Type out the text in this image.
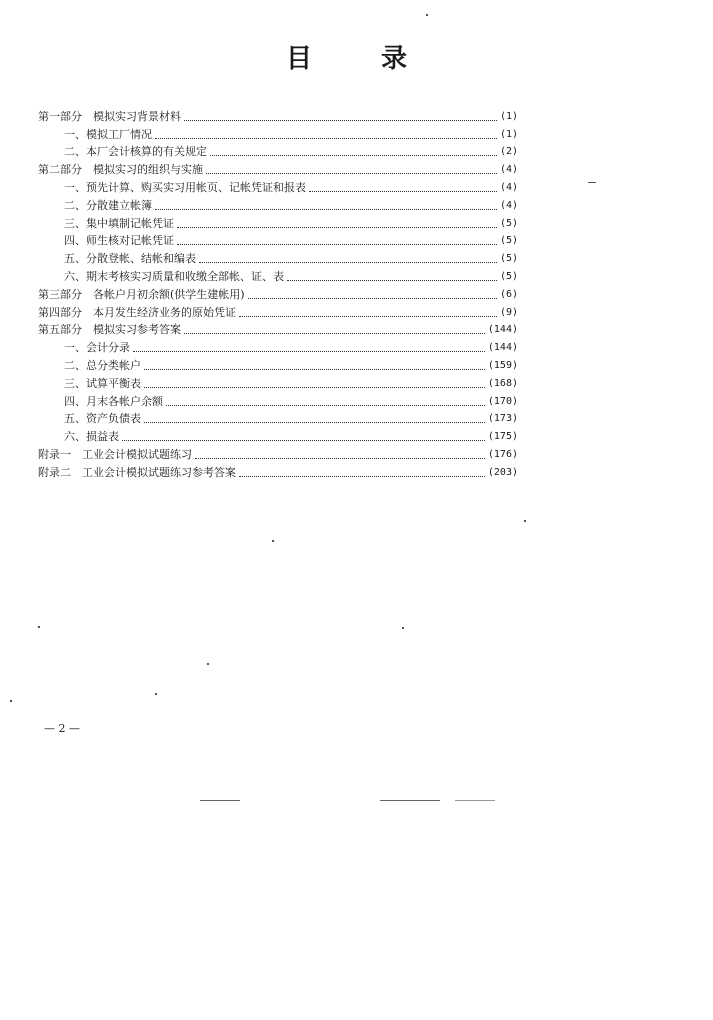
目 录
第一部分　模拟实习背景材料	(1)
一、模拟工厂情况	(1)
二、本厂会计核算的有关规定	(2)
第二部分　模拟实习的组织与实施	(4)
一、预先计算、购买实习用帐页、记帐凭证和报表	(4)
二、分散建立帐簿	(4)
三、集中填制记帐凭证	(5)
四、师生核对记帐凭证	(5)
五、分散登帐、结帐和编表	(5)
六、期末考核实习质量和收缴全部帐、证、表	(5)
第三部分　各帐户月初余额(供学生建帐用)	(6)
第四部分　本月发生经济业务的原始凭证	(9)
第五部分　模拟实习参考答案	(144)
一、会计分录	(144)
二、总分类帐户	(159)
三、试算平衡表	(168)
四、月末各帐户余额	(170)
五、资产负债表	(173)
六、损益表	(175)
附录一　工业会计模拟试题练习	(176)
附录二　工业会计模拟试题练习参考答案	(203)
— 2 —
